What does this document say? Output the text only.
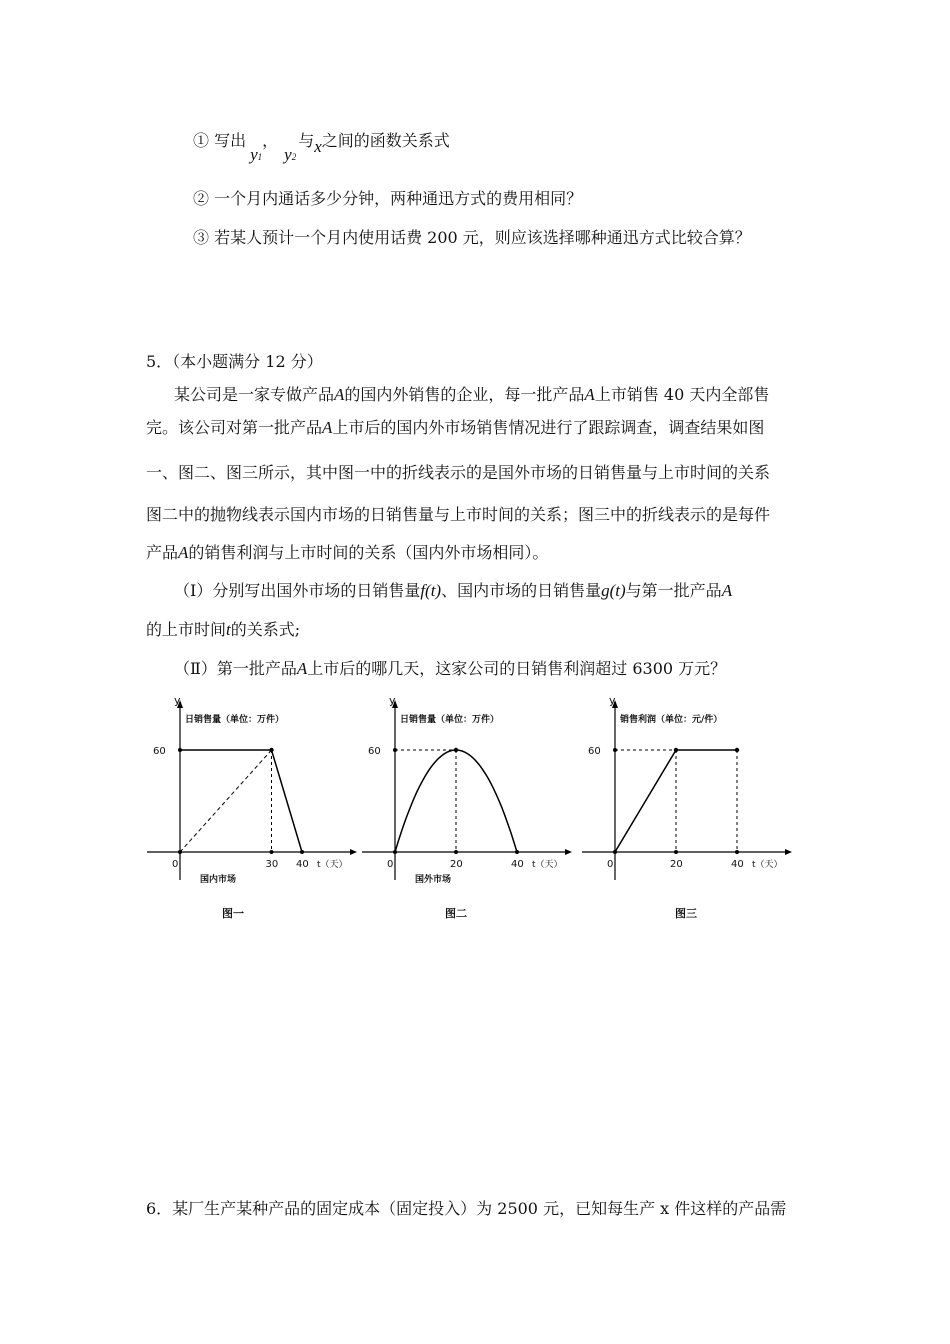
① 写出y1，y2与x之间的函数关系式
② 一个月内通话多少分钟，两种通迅方式的费用相同？
③ 若某人预计一个月内使用话费 200 元，则应该选择哪种通迅方式比较合算？
5．（本小题满分 12 分）
某公司是一家专做产品A的国内外销售的企业，每一批产品A上市销售 40 天内全部售
完。该公司对第一批产品A上市后的国内外市场销售情况进行了跟踪调查，调查结果如图
一、图二、图三所示，其中图一中的折线表示的是国外市场的日销售量与上市时间的关系
图二中的抛物线表示国内市场的日销售量与上市时间的关系；图三中的折线表示的是每件
产品A的销售利润与上市时间的关系（国内外市场相同）。
（Ⅰ）分别写出国外市场的日销售量f(t)、国内市场的日销售量g(t)与第一批产品A
的上市时间t的关系式;
（Ⅱ）第一批产品A上市后的哪几天，这家公司的日销售利润超过 6300 万元？
y
日销售量（单位：万件）
60
0	30 40 t（天）
国内市场
y
日销售量（单位：万件）
60
0	20	40 t（天）
国外市场
y
销售利润（单位：元/件）
60
0	20	40 t（天）
图一	图二	图三
6．某厂生产某种产品的固定成本（固定投入）为 2500 元，已知每生产 x 件这样的产品需
